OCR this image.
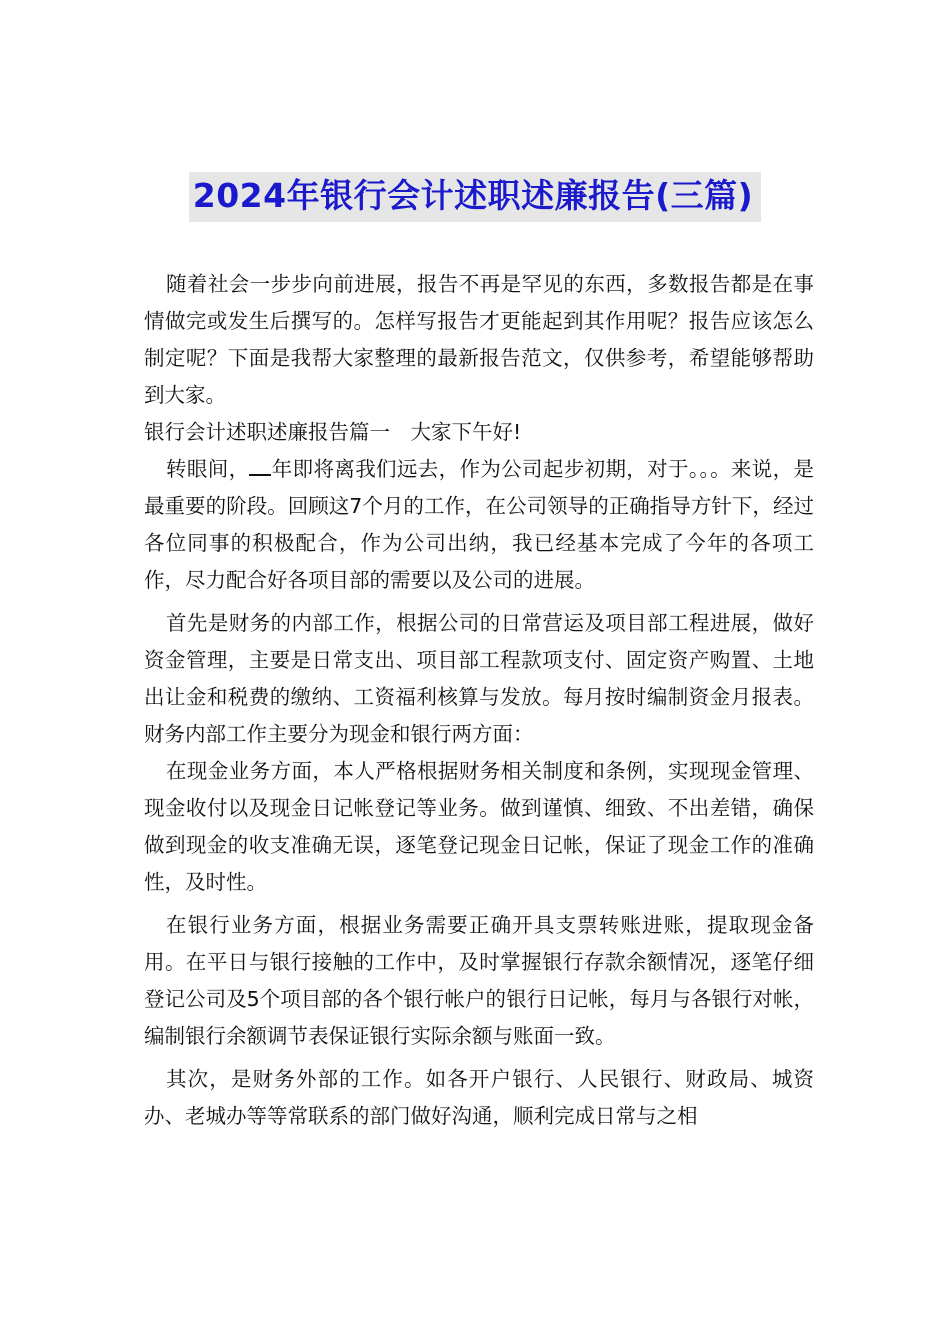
2024年银行会计述职述廉报告(三篇)

随着社会一步步向前进展，报告不再是罕见的东西，多数报告都是在事情做完或发生后撰写的。怎样写报告才更能起到其作用呢？报告应该怎么制定呢？下面是我帮大家整理的最新报告范文，仅供参考，希望能够帮助到大家。

银行会计述职述廉报告篇一　大家下午好!

转眼间， 年即将离我们远去，作为公司起步初期，对于。。。来说，是最重要的阶段。回顾这7个月的工作，在公司领导的正确指导方针下，经过各位同事的积极配合，作为公司出纳，我已经基本完成了今年的各项工作，尽力配合好各项目部的需要以及公司的进展。

首先是财务的内部工作，根据公司的日常营运及项目部工程进展，做好资金管理，主要是日常支出、项目部工程款项支付、固定资产购置、土地出让金和税费的缴纳、工资福利核算与发放。每月按时编制资金月报表。财务内部工作主要分为现金和银行两方面：

在现金业务方面，本人严格根据财务相关制度和条例，实现现金管理、现金收付以及现金日记帐登记等业务。做到谨慎、细致、不出差错，确保做到现金的收支准确无误，逐笔登记现金日记帐，保证了现金工作的准确性，及时性。

在银行业务方面，根据业务需要正确开具支票转账进账，提取现金备用。在平日与银行接触的工作中，及时掌握银行存款余额情况，逐笔仔细登记公司及5个项目部的各个银行帐户的银行日记帐，每月与各银行对帐，编制银行余额调节表保证银行实际余额与账面一致。

其次，是财务外部的工作。如各开户银行、人民银行、财政局、城资办、老城办等等常联系的部门做好沟通，顺利完成日常与之相
